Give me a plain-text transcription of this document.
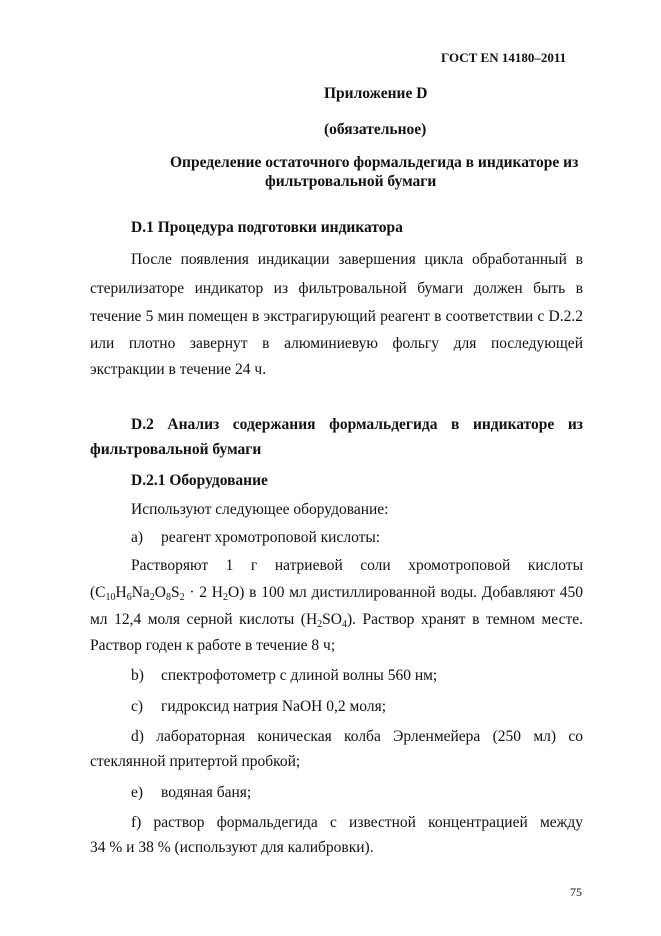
ГОСТ EN 14180–2011
Приложение D
(обязательное)
Определение остаточного формальдегида в индикаторе из
фильтровальной бумаги
D.1 Процедура подготовки индикатора
После появления индикации завершения цикла обработанный в
стерилизаторе индикатор из фильтровальной бумаги должен быть в
течение 5 мин помещен в экстрагирующий реагент в соответствии с D.2.2
или плотно завернут в алюминиевую фольгу для последующей
экстракции в течение 24 ч.
D.2 Анализ содержания формальдегида в индикаторе из
фильтровальной бумаги
D.2.1 Оборудование
Используют следующее оборудование:
a) реагент хромотроповой кислоты:
Растворяют 1 г натриевой соли хромотроповой кислоты
($C_{10}H_6Na_2O_8S_2 \cdot 2$ $H_2O$) в 100 мл дистиллированной воды. Добавляют 450
мл 12,4 моля серной кислоты $(H_2SO_4)$. Раствор хранят в темном месте.
Раствор годен к работе в течение 8 ч;
b) спектрофотометр с длиной волны 560 нм;
c) гидроксид натрия NaOH 0,2 моля;
d) лабораторная коническая колба Эрленмейера (250 мл) со
стеклянной притертой пробкой;
e) водяная баня;
f) раствор формальдегида с известной концентрацией между
34 % и 38 % (используют для калибровки).
75
